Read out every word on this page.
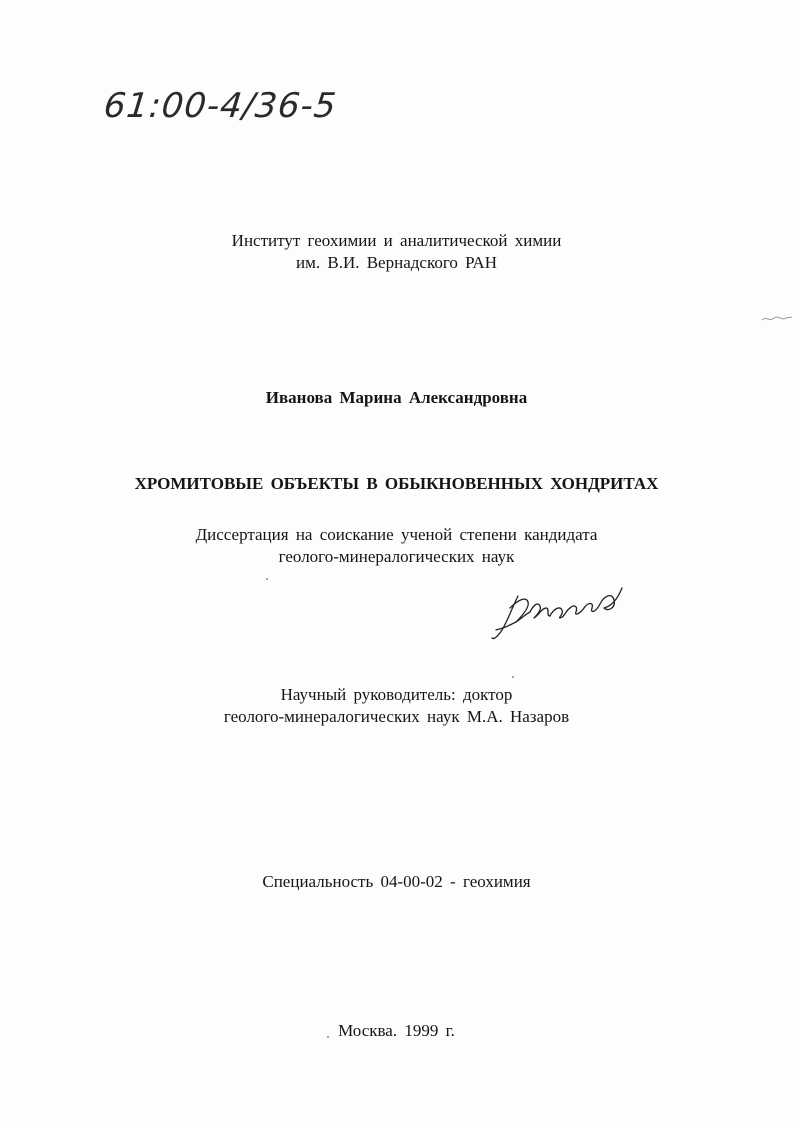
61:00-4/36-5
Институт геохимии и аналитической химии
им. В.И. Вернадского РАН
Иванова Марина Александровна
ХРОМИТОВЫЕ ОБЪЕКТЫ В ОБЫКНОВЕННЫХ ХОНДРИТАХ
Диссертация на соискание ученой степени кандидата
геолого-минералогических наук
Научный руководитель: доктор
геолого-минералогических наук М.А. Назаров
Специальность 04-00-02 - геохимия
Москва. 1999 г.
